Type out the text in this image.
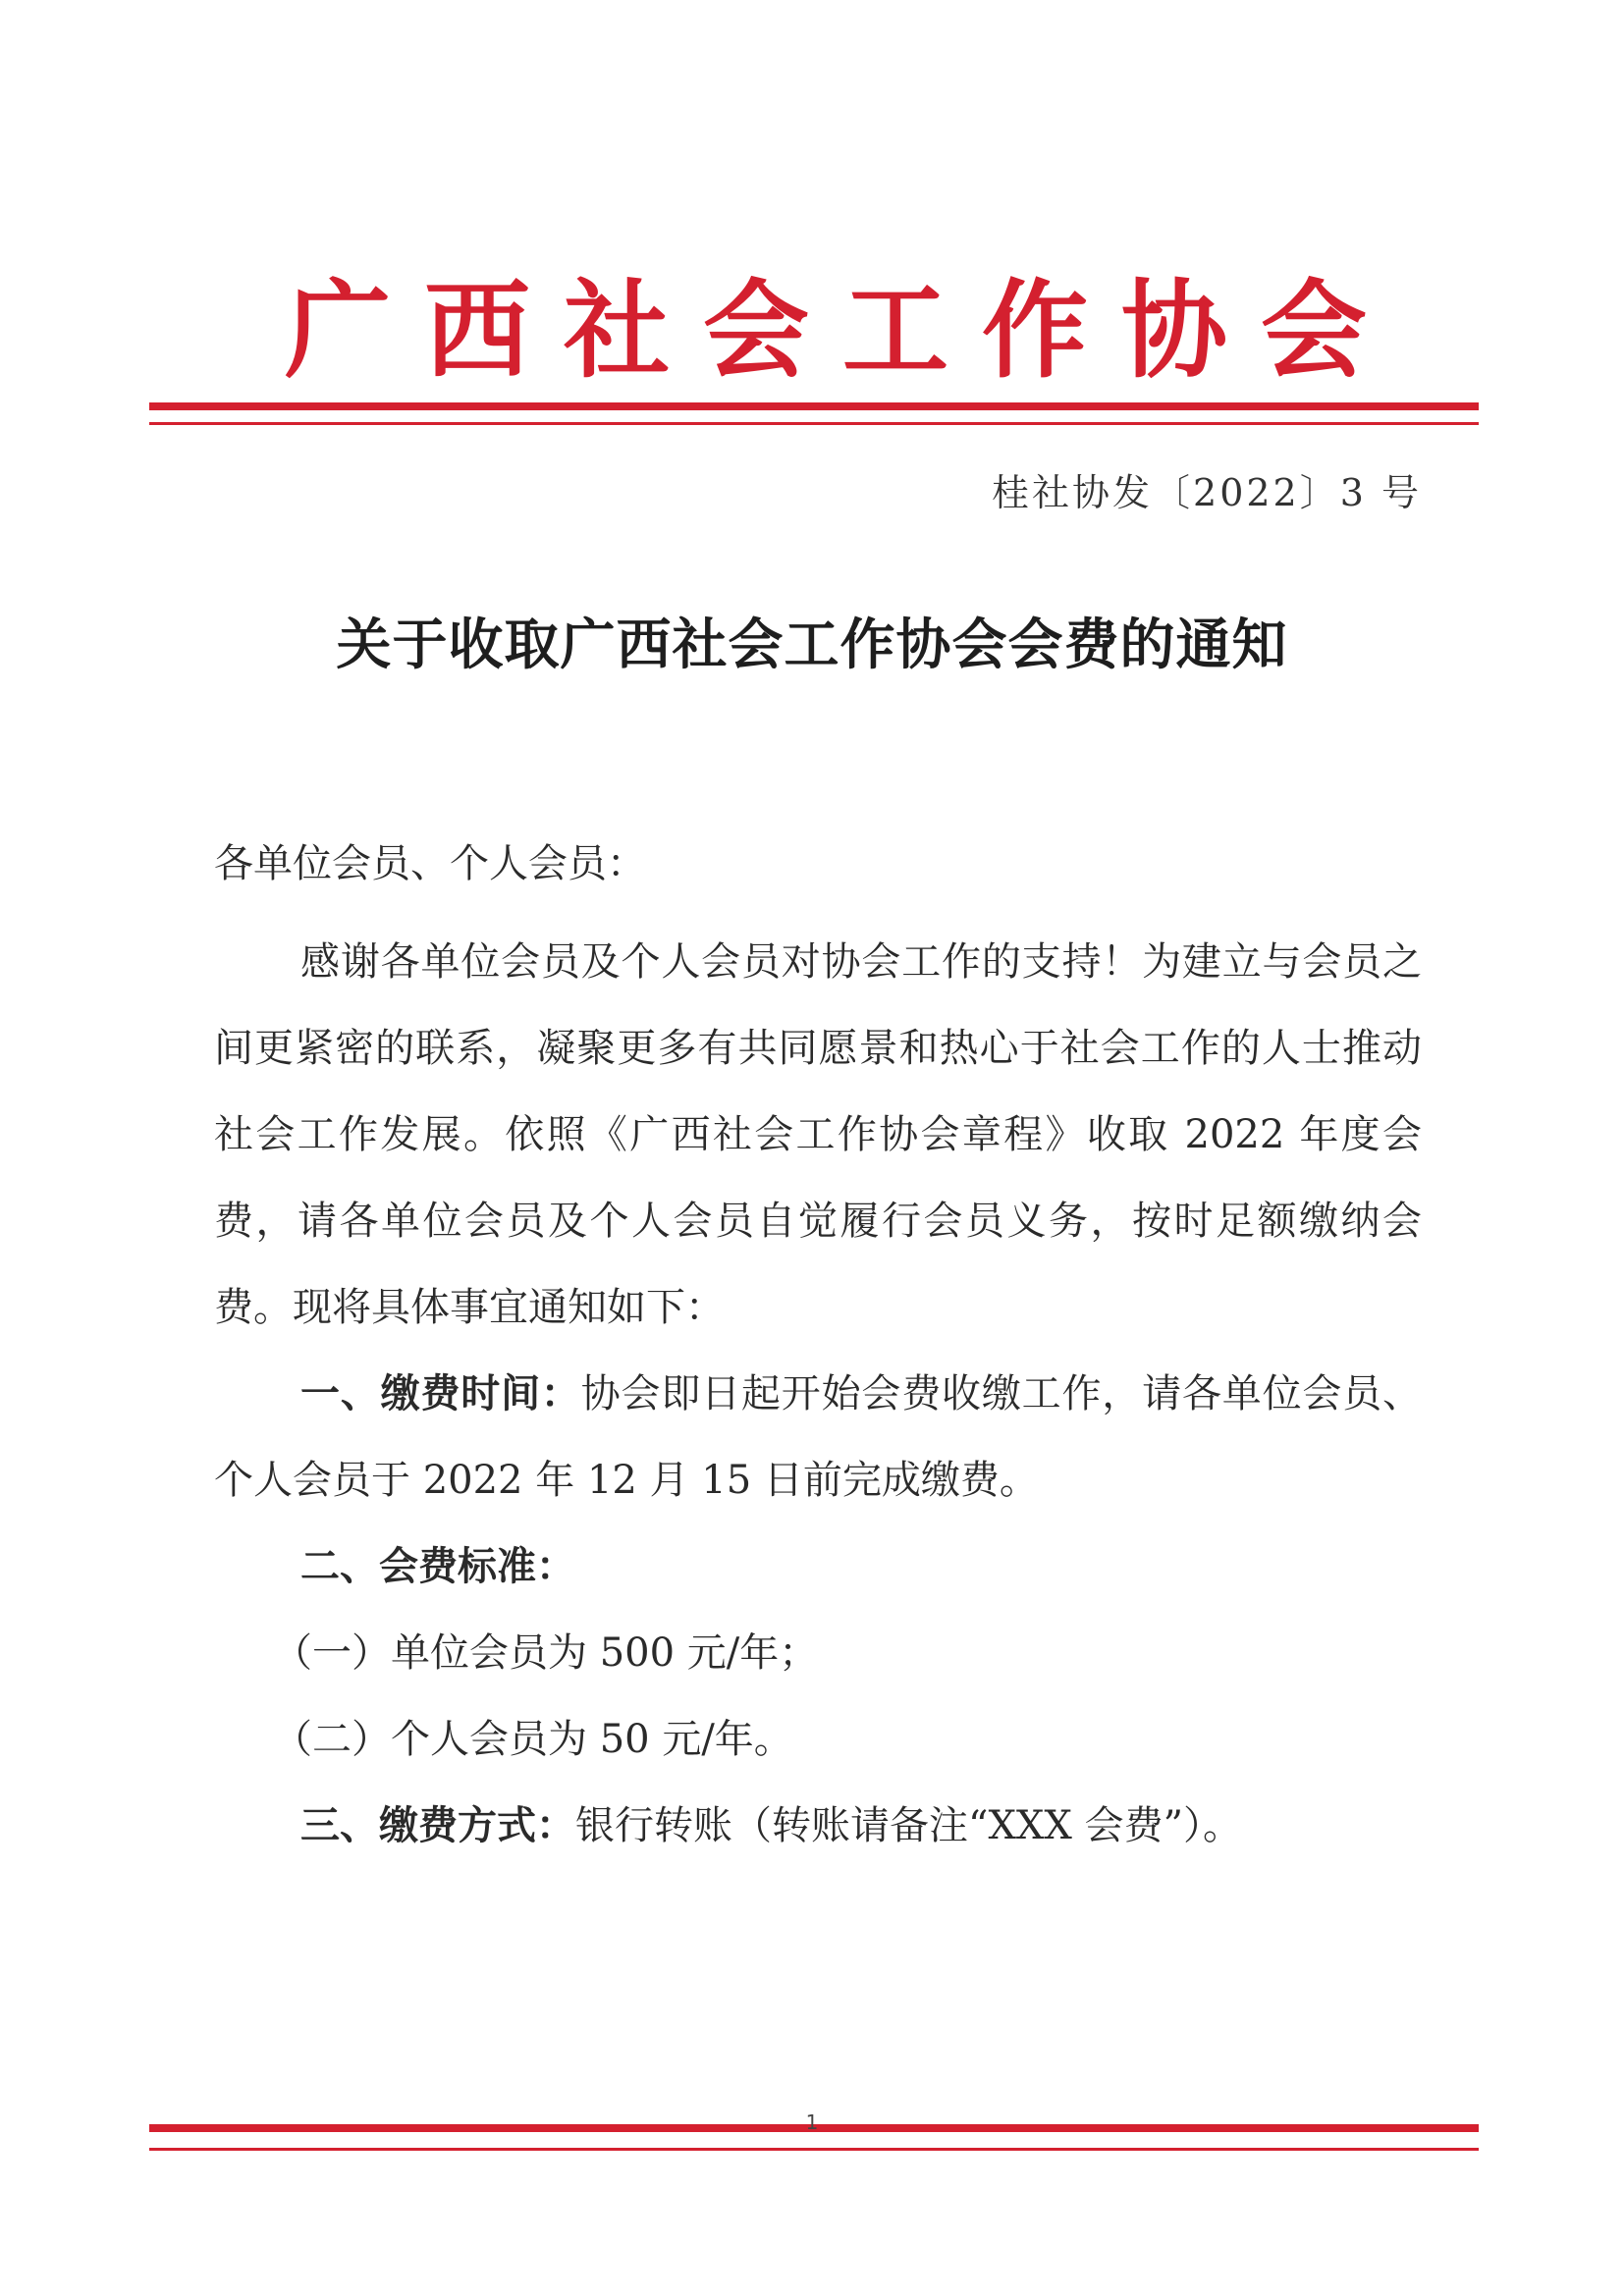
广西社会工作协会
桂社协发〔2022〕3 号
关于收取广西社会工作协会会费的通知

各单位会员、个人会员：

感谢各单位会员及个人会员对协会工作的支持！为建立与会员之间更紧密的联系，凝聚更多有共同愿景和热心于社会工作的人士推动社会工作发展。依照《广西社会工作协会章程》收取 2022 年度会费，请各单位会员及个人会员自觉履行会员义务，按时足额缴纳会费。现将具体事宜通知如下：

一、缴费时间：协会即日起开始会费收缴工作，请各单位会员、个人会员于 2022 年 12 月 15 日前完成缴费。

二、会费标准：

（一）单位会员为 500 元/年；

（二）个人会员为 50 元/年。

三、缴费方式：银行转账（转账请备注“XXX 会费”）。

1
